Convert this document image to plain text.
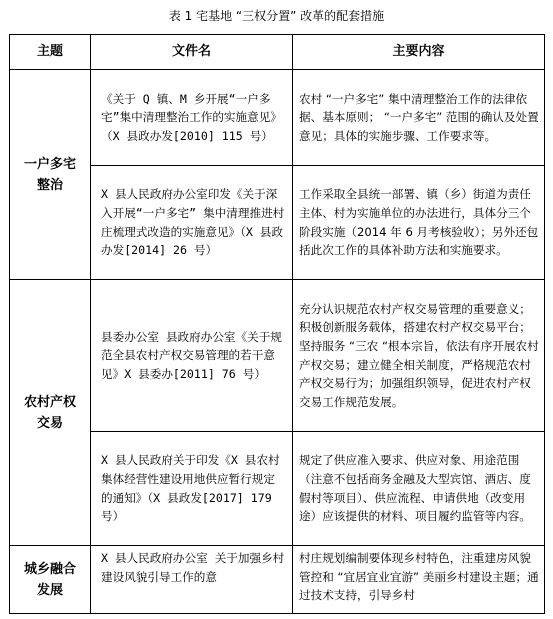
表 1 宅基地 “三权分置” 改革的配套措施
主题	文件名	主要内容
一户多宅整治	《关于 Q 镇、M 乡开展“一户多宅”集中清理整治工作的实施意见》（X 县政办发[2010] 115 号）	农村 “一户多宅” 集中清理整治工作的法律依据、基本原则； “一户多宅” 范围的确认及处置意见；具体的实施步骤、工作要求等。
	X 县人民政府办公室印发《关于深入开展“一户多宅” 集中清理推进村庄梳理式改造的实施意见》（X 县政办发[2014] 26 号）	工作采取全县统一部署、镇（乡）街道为责任主体、村为实施单位的办法进行，具体分三个阶段实施（2014 年 6 月考核验收）；另外还包括此次工作的具体补助方法和实施要求。
农村产权交易	县委办公室 县政府办公室《关于规范全县农村产权交易管理的若干意见》X 县委办[2011] 76 号）	充分认识规范农村产权交易管理的重要意义；积极创新服务载体，搭建农村产权交易平台；坚持服务 “三农 “根本宗旨，依法有序开展农村产权交易；建立健全相关制度，严格规范农村产权交易行为；加强组织领导，促进农村产权交易工作规范发展。
	X 县人民政府关于印发《X 县农村集体经营性建设用地供应暂行规定的通知》（X 县政发[2017] 179 号）	规定了供应准入要求、供应对象、用途范围（注意不包括商务金融及大型宾馆、酒店、度假村等项目）、供应流程、申请供地（改变用途）应该提供的材料、项目履约监管等内容。
城乡融合发展	X 县人民政府办公室 关于加强乡村建设风貌引导工作的意	村庄规划编制要体现乡村特色，注重建房风貌管控和 “宜居宜业宜游” 美丽乡村建设主题；通过技术支持，引导乡村
